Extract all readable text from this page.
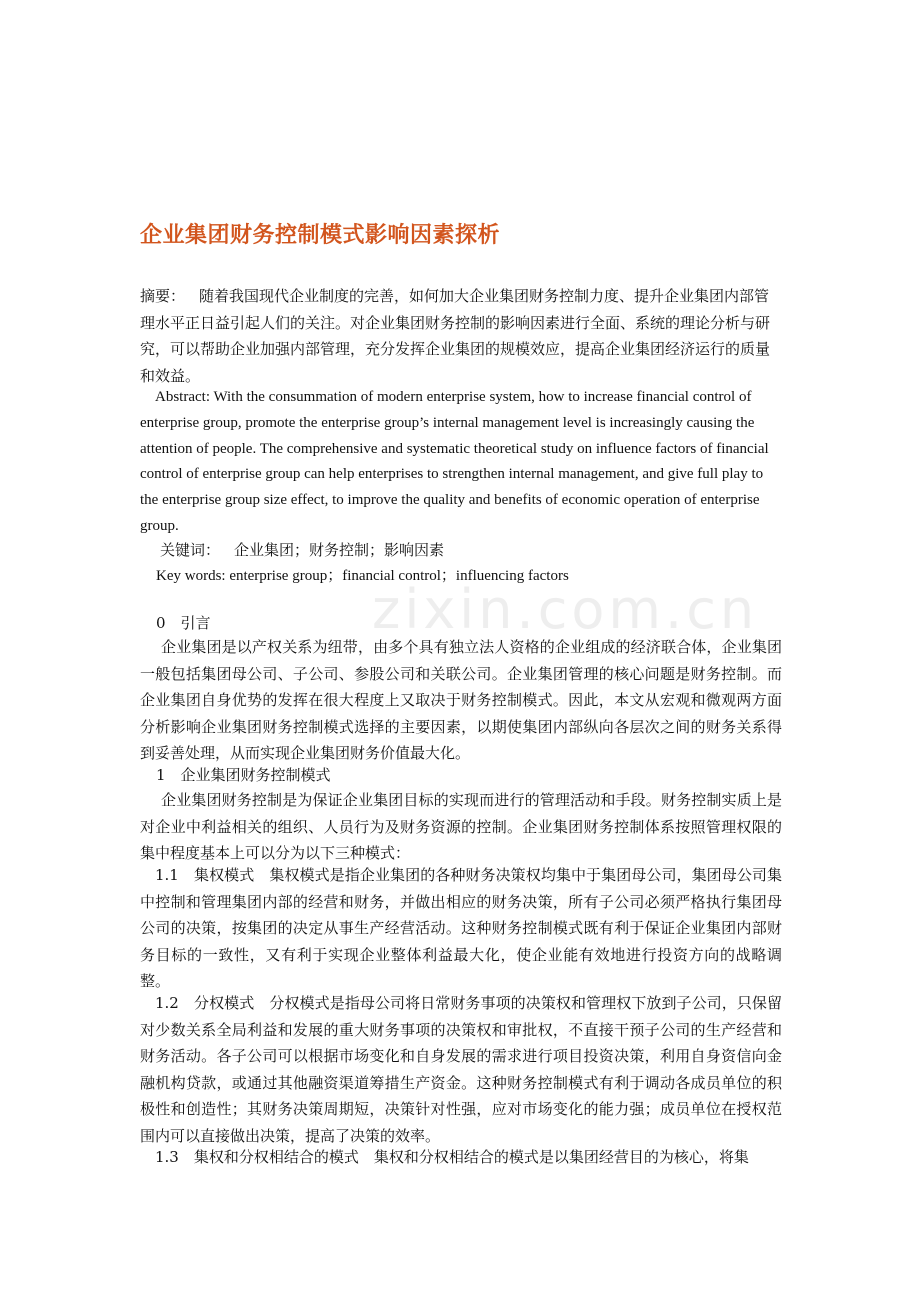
zixin.com.cn
企业集团财务控制模式影响因素探析

摘要： 随着我国现代企业制度的完善，如何加大企业集团财务控制力度、提升企业集团内部管理水平正日益引起人们的关注。对企业集团财务控制的影响因素进行全面、系统的理论分析与研究，可以帮助企业加强内部管理，充分发挥企业集团的规模效应，提高企业集团经济运行的质量和效益。

Abstract: With the consummation of modern enterprise system, how to increase financial control of enterprise group, promote the enterprise group’s internal management level is increasingly causing the attention of people. The comprehensive and systematic theoretical study on influence factors of financial control of enterprise group can help enterprises to strengthen internal management, and give full play to the enterprise group size effect, to improve the quality and benefits of economic operation of enterprise group.

关键词： 企业集团；财务控制；影响因素

Key words: enterprise group；financial control；influencing factors

0　引言

企业集团是以产权关系为纽带，由多个具有独立法人资格的企业组成的经济联合体，企业集团一般包括集团母公司、子公司、参股公司和关联公司。企业集团管理的核心问题是财务控制。而企业集团自身优势的发挥在很大程度上又取决于财务控制模式。因此，本文从宏观和微观两方面分析影响企业集团财务控制模式选择的主要因素，以期使集团内部纵向各层次之间的财务关系得到妥善处理，从而实现企业集团财务价值最大化。

1　企业集团财务控制模式

企业集团财务控制是为保证企业集团目标的实现而进行的管理活动和手段。财务控制实质上是对企业中利益相关的组织、人员行为及财务资源的控制。企业集团财务控制体系按照管理权限的集中程度基本上可以分为以下三种模式：

1.1　集权模式　集权模式是指企业集团的各种财务决策权均集中于集团母公司，集团母公司集中控制和管理集团内部的经营和财务，并做出相应的财务决策，所有子公司必须严格执行集团母公司的决策，按集团的决定从事生产经营活动。这种财务控制模式既有利于保证企业集团内部财务目标的一致性，又有利于实现企业整体利益最大化，使企业能有效地进行投资方向的战略调整。

1.2　分权模式　分权模式是指母公司将日常财务事项的决策权和管理权下放到子公司，只保留对少数关系全局利益和发展的重大财务事项的决策权和审批权，不直接干预子公司的生产经营和财务活动。各子公司可以根据市场变化和自身发展的需求进行项目投资决策，利用自身资信向金融机构贷款，或通过其他融资渠道筹措生产资金。这种财务控制模式有利于调动各成员单位的积极性和创造性；其财务决策周期短，决策针对性强，应对市场变化的能力强；成员单位在授权范围内可以直接做出决策，提高了决策的效率。

1.3　集权和分权相结合的模式　集权和分权相结合的模式是以集团经营目的为核心，将集
